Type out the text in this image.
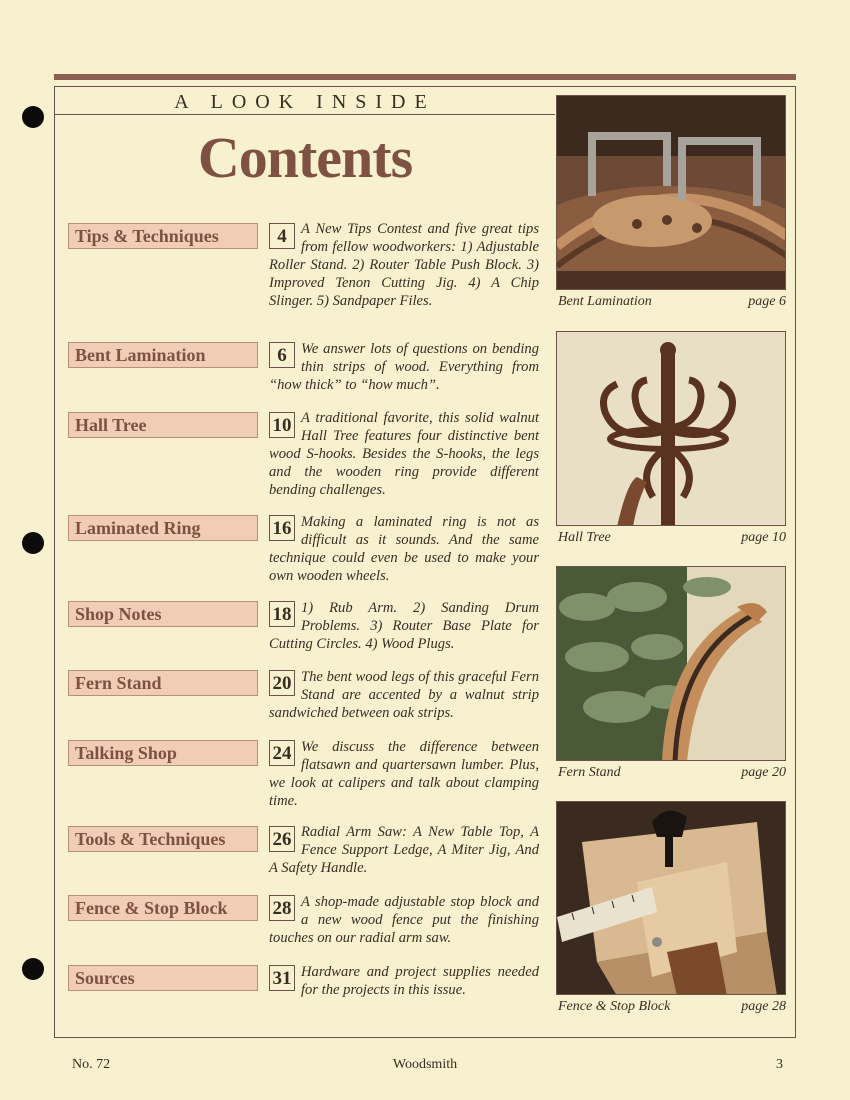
A LOOK INSIDE
Contents
Tips & Techniques	4 A New Tips Contest and five great tips from fellow woodworkers: 1) Adjustable Roller Stand. 2) Router Table Push Block. 3) Improved Tenon Cutting Jig. 4) A Chip Slinger. 5) Sandpaper Files.
Bent Lamination	6 We answer lots of questions on bending thin strips of wood. Everything from “how thick” to “how much”.
Hall Tree	10 A traditional favorite, this solid walnut Hall Tree features four distinctive bent wood S-hooks. Besides the S-hooks, the legs and the wooden ring provide different bending challenges.
Laminated Ring	16 Making a laminated ring is not as difficult as it sounds. And the same technique could even be used to make your own wooden wheels.
Shop Notes	18 1) Rub Arm. 2) Sanding Drum Problems. 3) Router Base Plate for Cutting Circles. 4) Wood Plugs.
Fern Stand	20 The bent wood legs of this graceful Fern Stand are accented by a walnut strip sandwiched between oak strips.
Talking Shop	24 We discuss the difference between flatsawn and quartersawn lumber. Plus, we look at calipers and talk about clamping time.
Tools & Techniques	26 Radial Arm Saw: A New Table Top, A Fence Support Ledge, A Miter Jig, And A Safety Handle.
Fence & Stop Block	28 A shop-made adjustable stop block and a new wood fence put the finishing touches on our radial arm saw.
Sources	31 Hardware and project supplies needed for the projects in this issue.
Bent Lamination	page 6
Hall Tree	page 10
Fern Stand	page 20
Fence & Stop Block	page 28
No. 72	Woodsmith	3
